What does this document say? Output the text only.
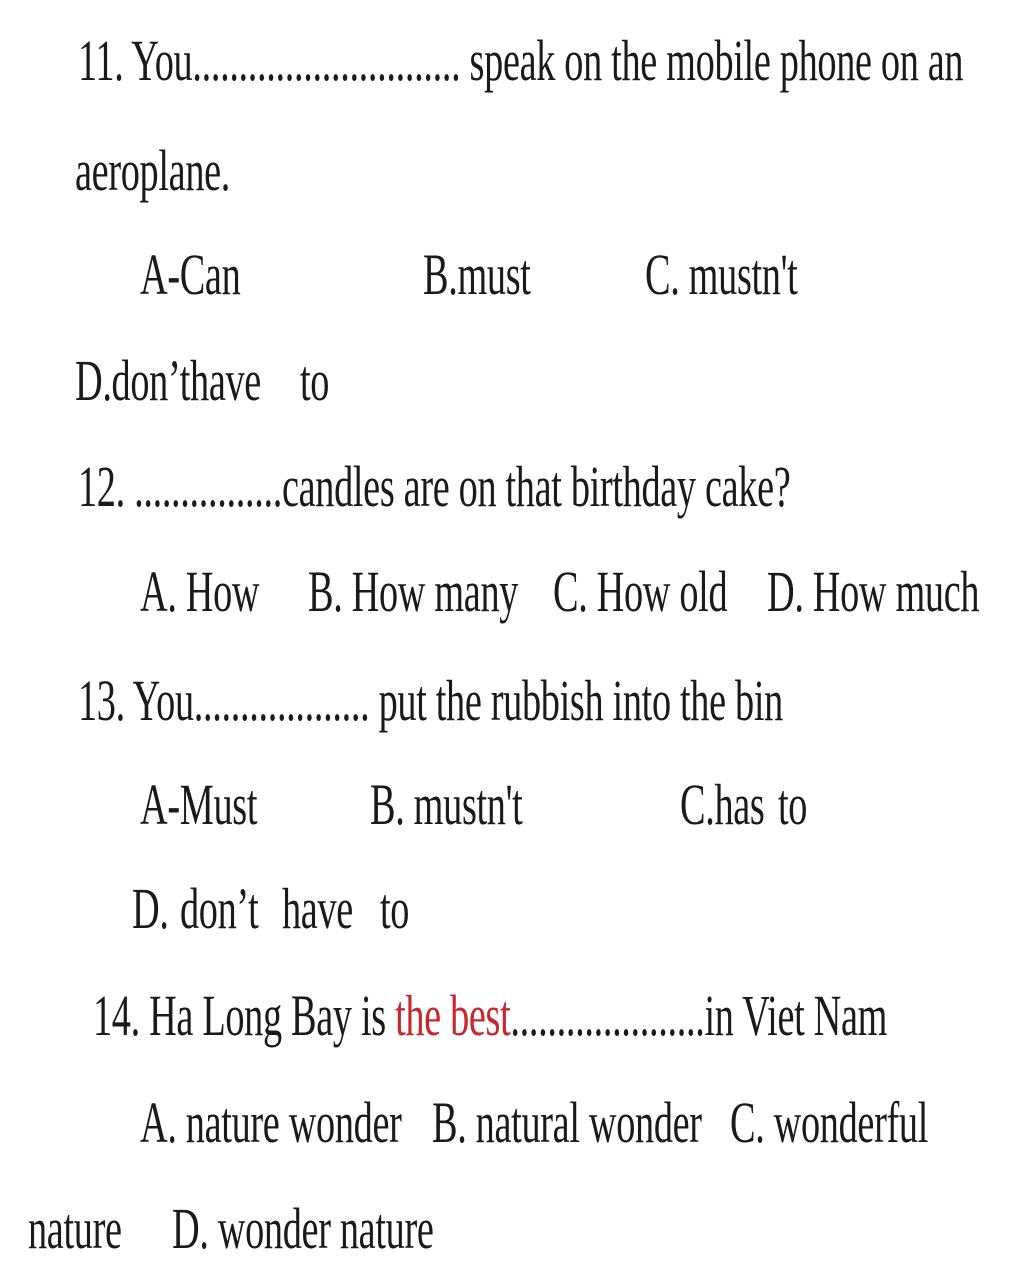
11. You............................. speak on the mobile phone on an
aeroplane.
A-Can	B.must C. mustn't
D.don’thave to
12. ................candles are on that birthday cake?
A. How B. How many C. How old D. How much
13. You................... put the rubbish into the bin
A-Must B. mustn't	C.has to
D. don’t have to
14. Ha Long Bay is the best.....................in Viet Nam
A. nature wonder B. natural wonder C. wonderful
nature D. wonder nature
